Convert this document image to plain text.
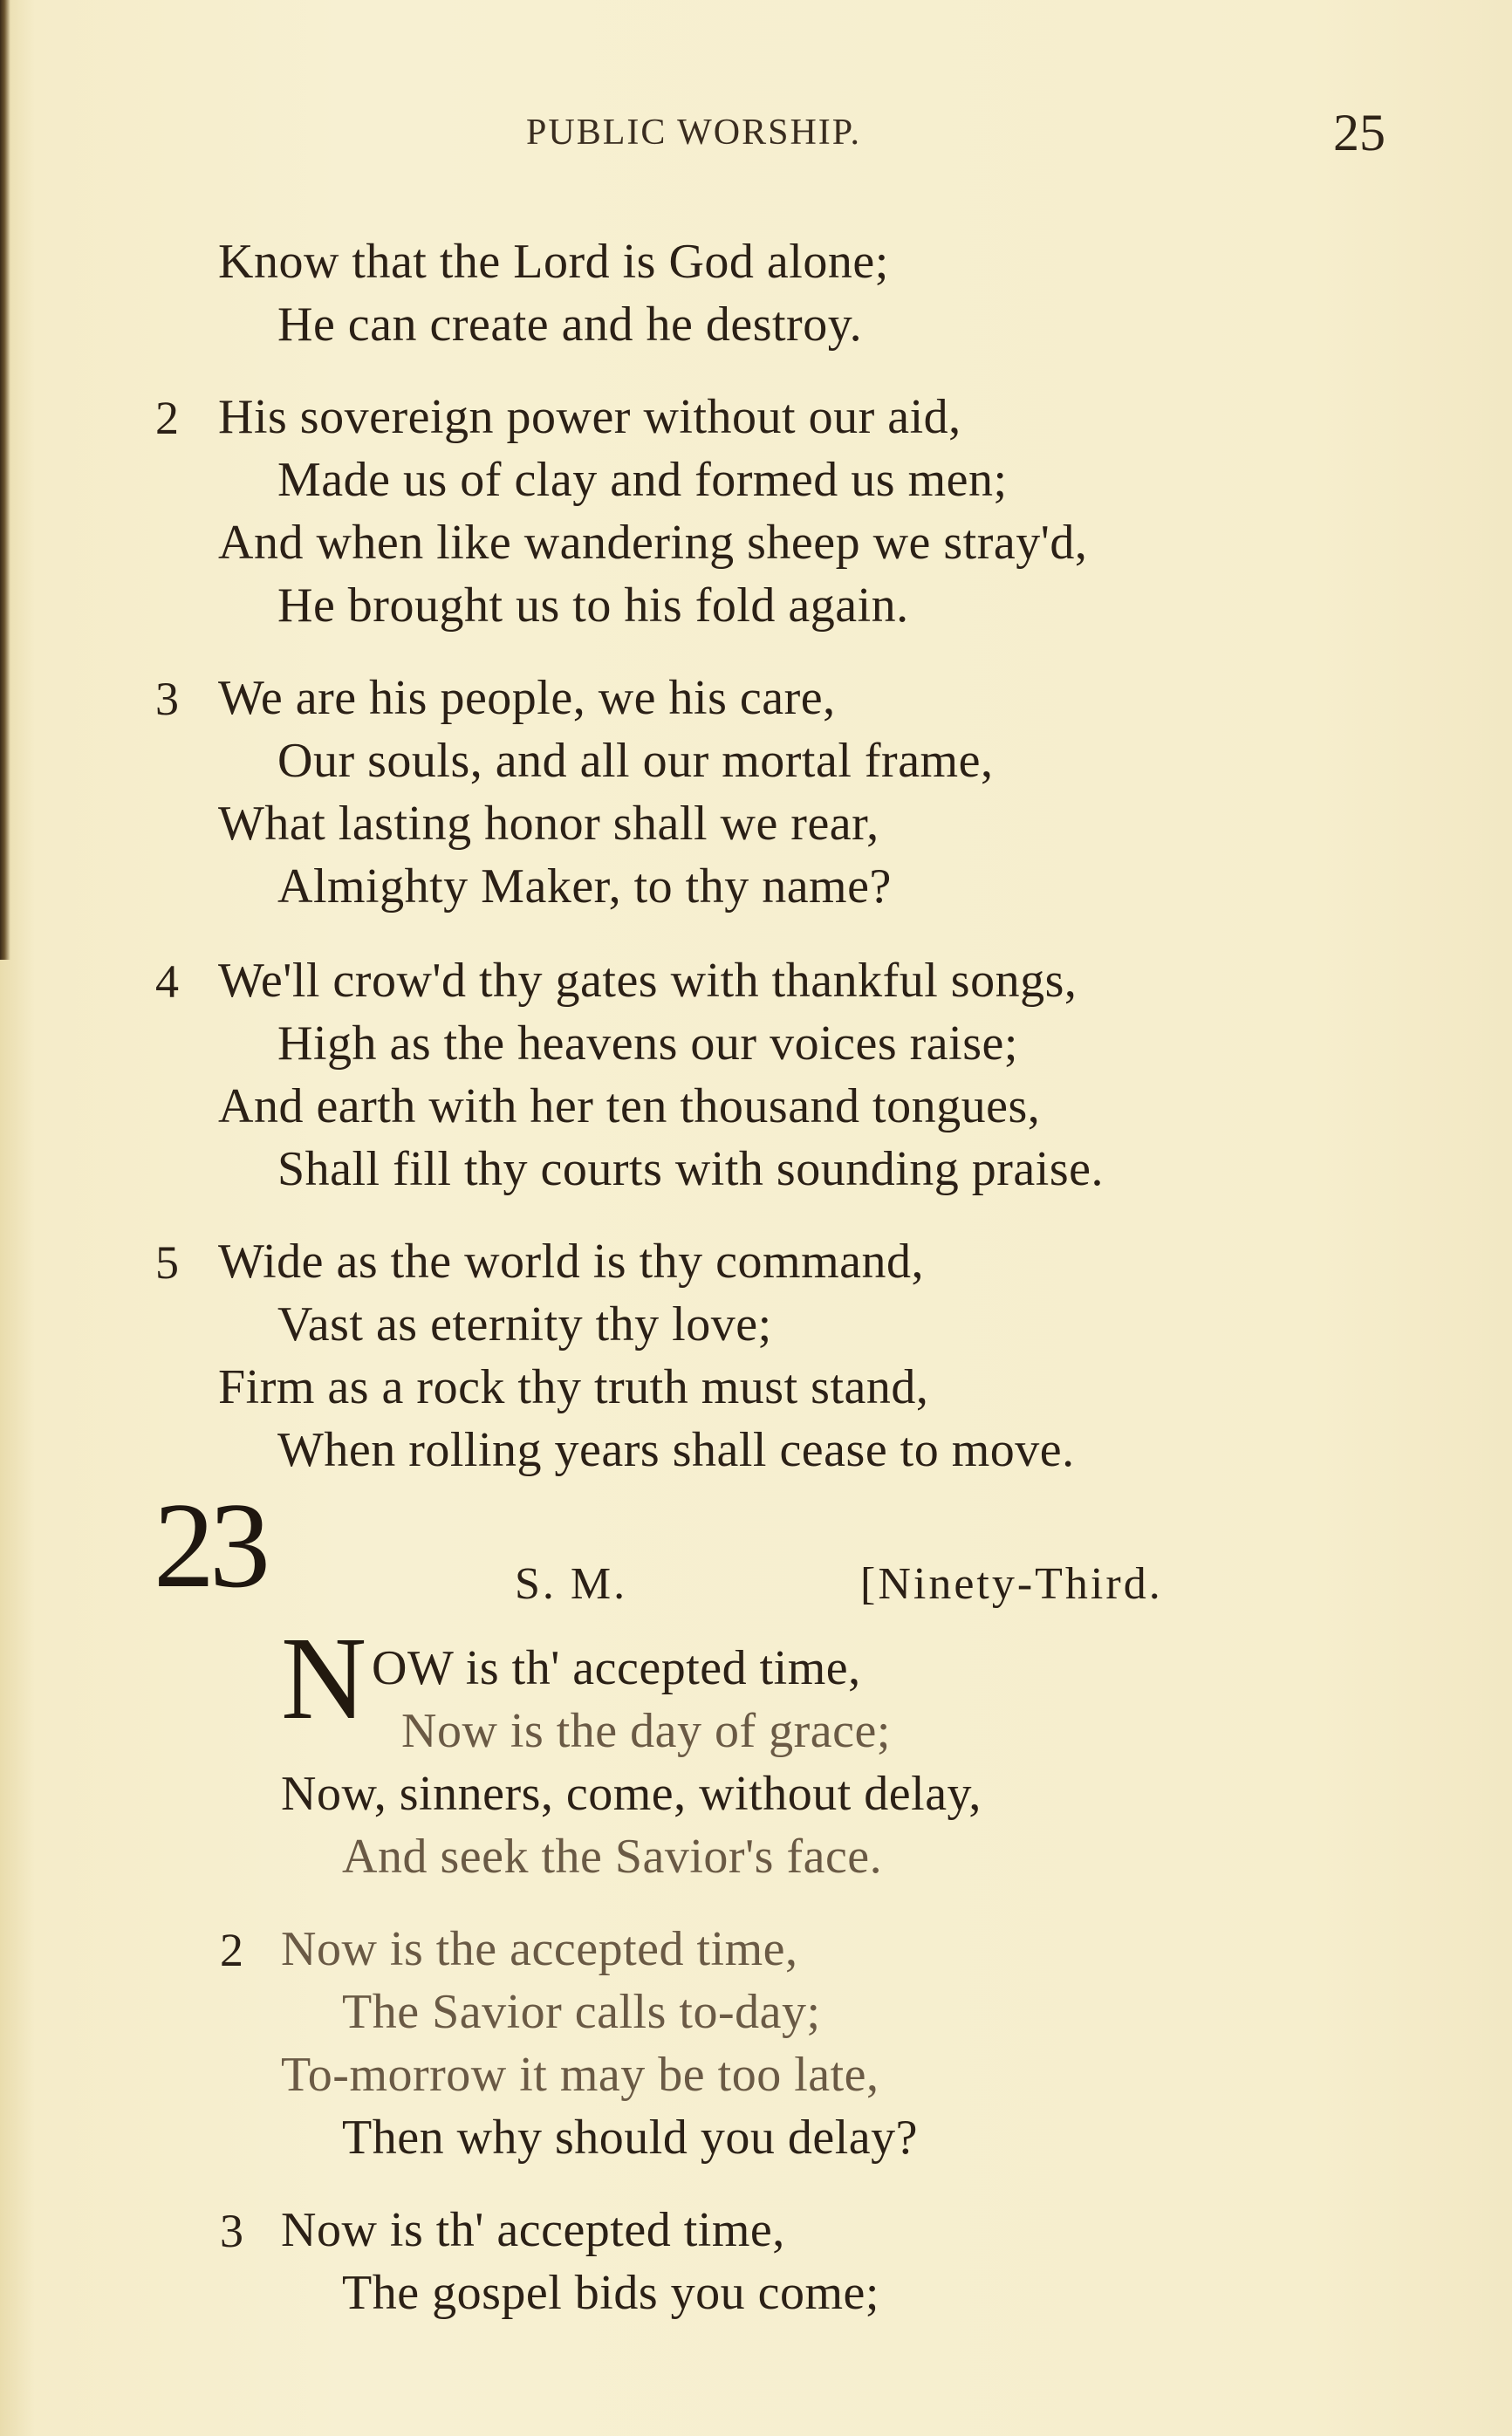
PUBLIC WORSHIP.	25
Know that the Lord is God alone;
He can create and he destroy.
2 His sovereign power without our aid,
Made us of clay and formed us men;
And when like wandering sheep we stray'd,
He brought us to his fold again.
3 We are his people, we his care,
Our souls, and all our mortal frame,
What lasting honor shall we rear,
Almighty Maker, to thy name?
4 We'll crow'd thy gates with thankful songs,
High as the heavens our voices raise;
And earth with her ten thousand tongues,
Shall fill thy courts with sounding praise.
5 Wide as the world is thy command,
Vast as eternity thy love;
Firm as a rock thy truth must stand,
When rolling years shall cease to move.
23	S. M.	[Ninety-Third.
N OW is th' accepted time,
Now is the day of grace;
Now, sinners, come, without delay,
And seek the Savior's face.
2 Now is the accepted time,
The Savior calls to-day;
To-morrow it may be too late,
Then why should you delay?
3 Now is th' accepted time,
The gospel bids you come;
